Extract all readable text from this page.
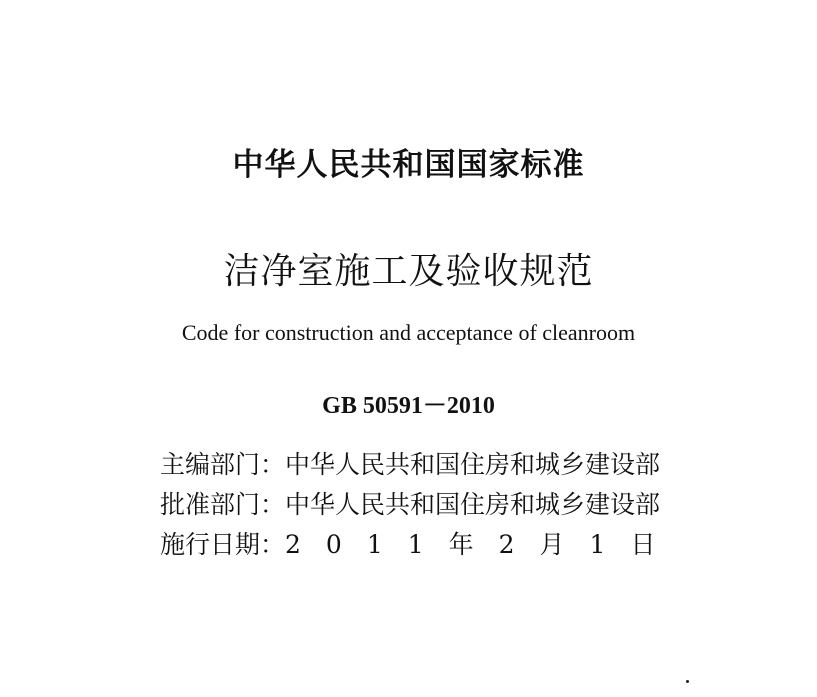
中华人民共和国国家标准
洁净室施工及验收规范
Code for construction and acceptance of cleanroom
GB 50591－2010
主编部门：中华人民共和国住房和城乡建设部
批准部门：中华人民共和国住房和城乡建设部
施行日期：2　0　1　1　年　2　月　1　日
